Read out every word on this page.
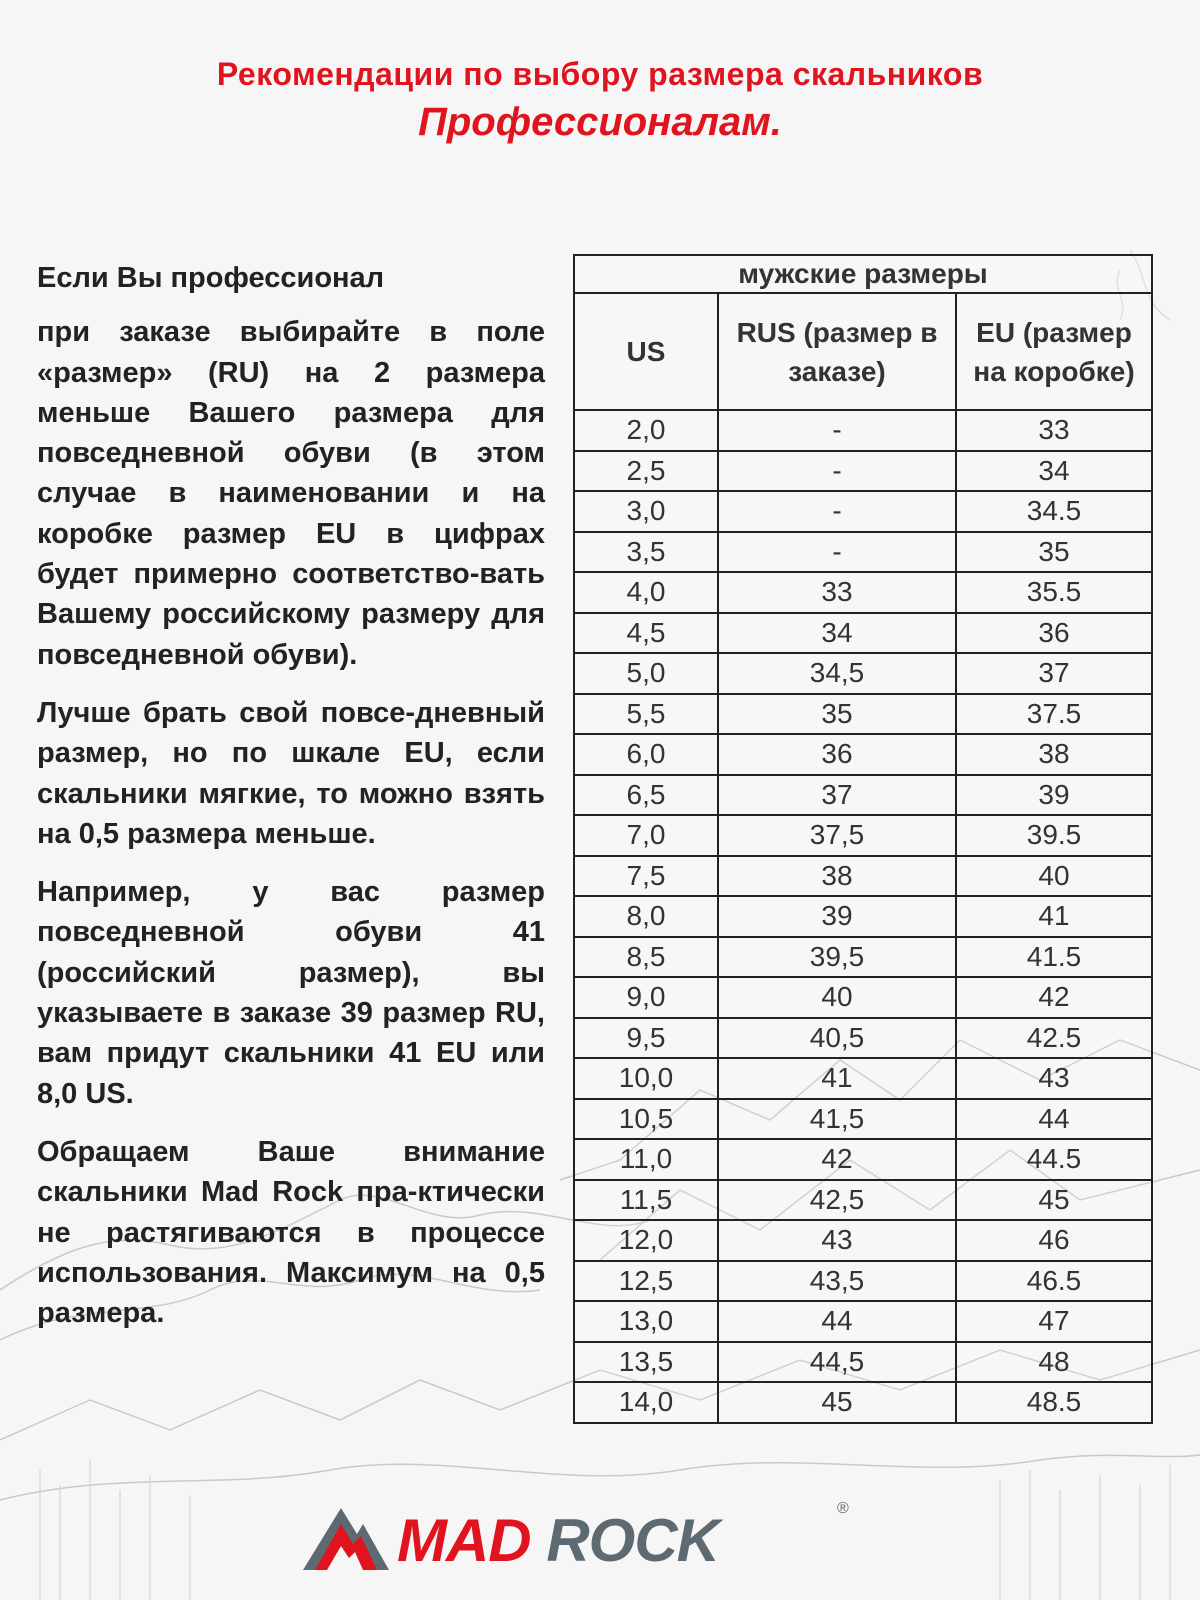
Рекомендации по выбору размера скальников
Профессионалам.

Если Вы профессионал

при заказе выбирайте в поле «размер» (RU) на 2 размера меньше Вашего размера для повседневной обуви (в этом случае в наименовании и на коробке размер EU в цифрах будет примерно соответство-вать Вашему российскому размеру для повседневной обуви).

Лучше брать свой повсе-дневный размер, но по шкале EU, если скальники мягкие, то можно взять на 0,5 размера меньше.

Например, у вас размер повседневной обуви 41 (российский размер), вы указываете в заказе 39 размер RU, вам придут скальники 41 EU или 8,0 US.

Обращаем Ваше внимание скальники Mad Rock пра-ктически не растягиваются в процессе использования. Максимум на 0,5 размера.

мужские размеры		
US	RUS (размер в заказе)	EU (размер на коробке)
2,0	-	33
2,5	-	34
3,0	-	34.5
3,5	-	35
4,0	33	35.5
4,5	34	36
5,0	34,5	37
5,5	35	37.5
6,0	36	38
6,5	37	39
7,0	37,5	39.5
7,5	38	40
8,0	39	41
8,5	39,5	41.5
9,0	40	42
9,5	40,5	42.5
10,0	41	43
10,5	41,5	44
11,0	42	44.5
11,5	42,5	45
12,0	43	46
12,5	43,5	46.5
13,0	44	47
13,5	44,5	48
14,0	45	48.5
MAD ROCK	®
